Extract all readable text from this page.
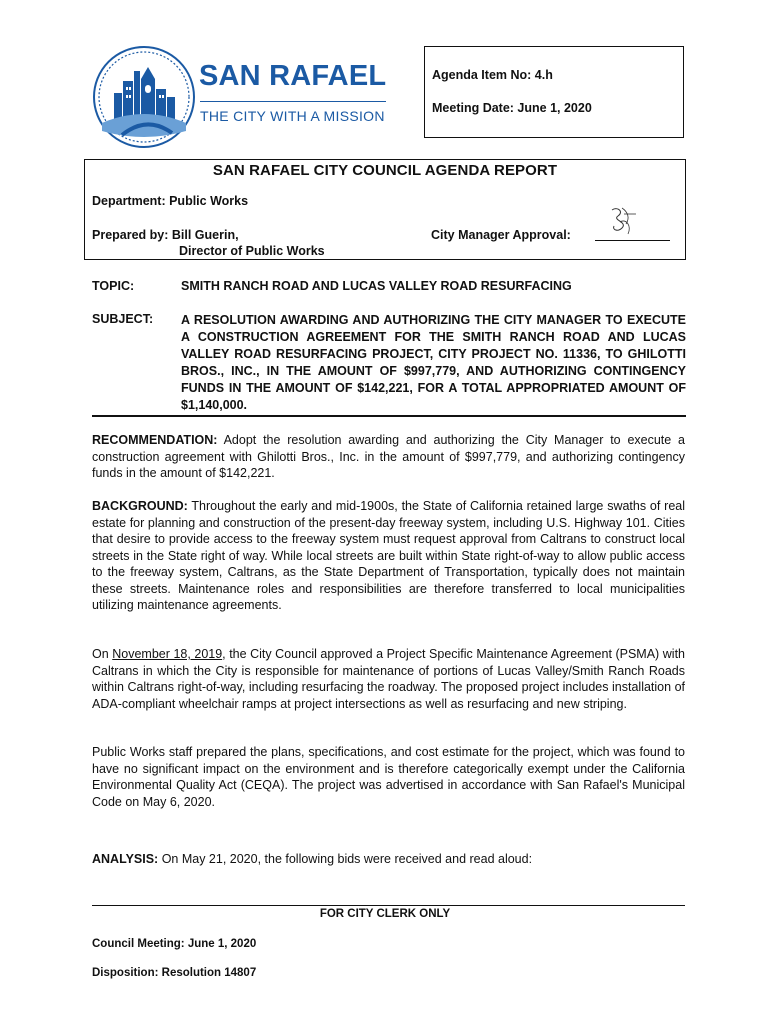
SAN RAFAEL
THE CITY WITH A MISSION
Agenda Item No: 4.h
Meeting Date: June 1, 2020
SAN RAFAEL CITY COUNCIL AGENDA REPORT
Department: Public Works
Prepared by: Bill Guerin,
Director of Public Works
City Manager Approval:
TOPIC:	SMITH RANCH ROAD AND LUCAS VALLEY ROAD RESURFACING
SUBJECT: A RESOLUTION AWARDING AND AUTHORIZING THE CITY MANAGER TO EXECUTE A CONSTRUCTION AGREEMENT FOR THE SMITH RANCH ROAD AND LUCAS VALLEY ROAD RESURFACING PROJECT, CITY PROJECT NO. 11336, TO GHILOTTI BROS., INC., IN THE AMOUNT OF $997,779, AND AUTHORIZING CONTINGENCY FUNDS IN THE AMOUNT OF $142,221, FOR A TOTAL APPROPRIATED AMOUNT OF $1,140,000.
RECOMMENDATION: Adopt the resolution awarding and authorizing the City Manager to execute a construction agreement with Ghilotti Bros., Inc. in the amount of $997,779, and authorizing contingency funds in the amount of $142,221.
BACKGROUND: Throughout the early and mid-1900s, the State of California retained large swaths of real estate for planning and construction of the present-day freeway system, including U.S. Highway 101. Cities that desire to provide access to the freeway system must request approval from Caltrans to construct local streets in the State right of way. While local streets are built within State right-of-way to allow public access to the freeway system, Caltrans, as the State Department of Transportation, typically does not maintain these streets. Maintenance roles and responsibilities are therefore transferred to local municipalities utilizing maintenance agreements.
On November 18, 2019, the City Council approved a Project Specific Maintenance Agreement (PSMA) with Caltrans in which the City is responsible for maintenance of portions of Lucas Valley/Smith Ranch Roads within Caltrans right-of-way, including resurfacing the roadway. The proposed project includes installation of ADA-compliant wheelchair ramps at project intersections as well as resurfacing and new striping.
Public Works staff prepared the plans, specifications, and cost estimate for the project, which was found to have no significant impact on the environment and is therefore categorically exempt under the California Environmental Quality Act (CEQA). The project was advertised in accordance with San Rafael's Municipal Code on May 6, 2020.
ANALYSIS: On May 21, 2020, the following bids were received and read aloud:
FOR CITY CLERK ONLY
Council Meeting: June 1, 2020
Disposition: Resolution 14807
